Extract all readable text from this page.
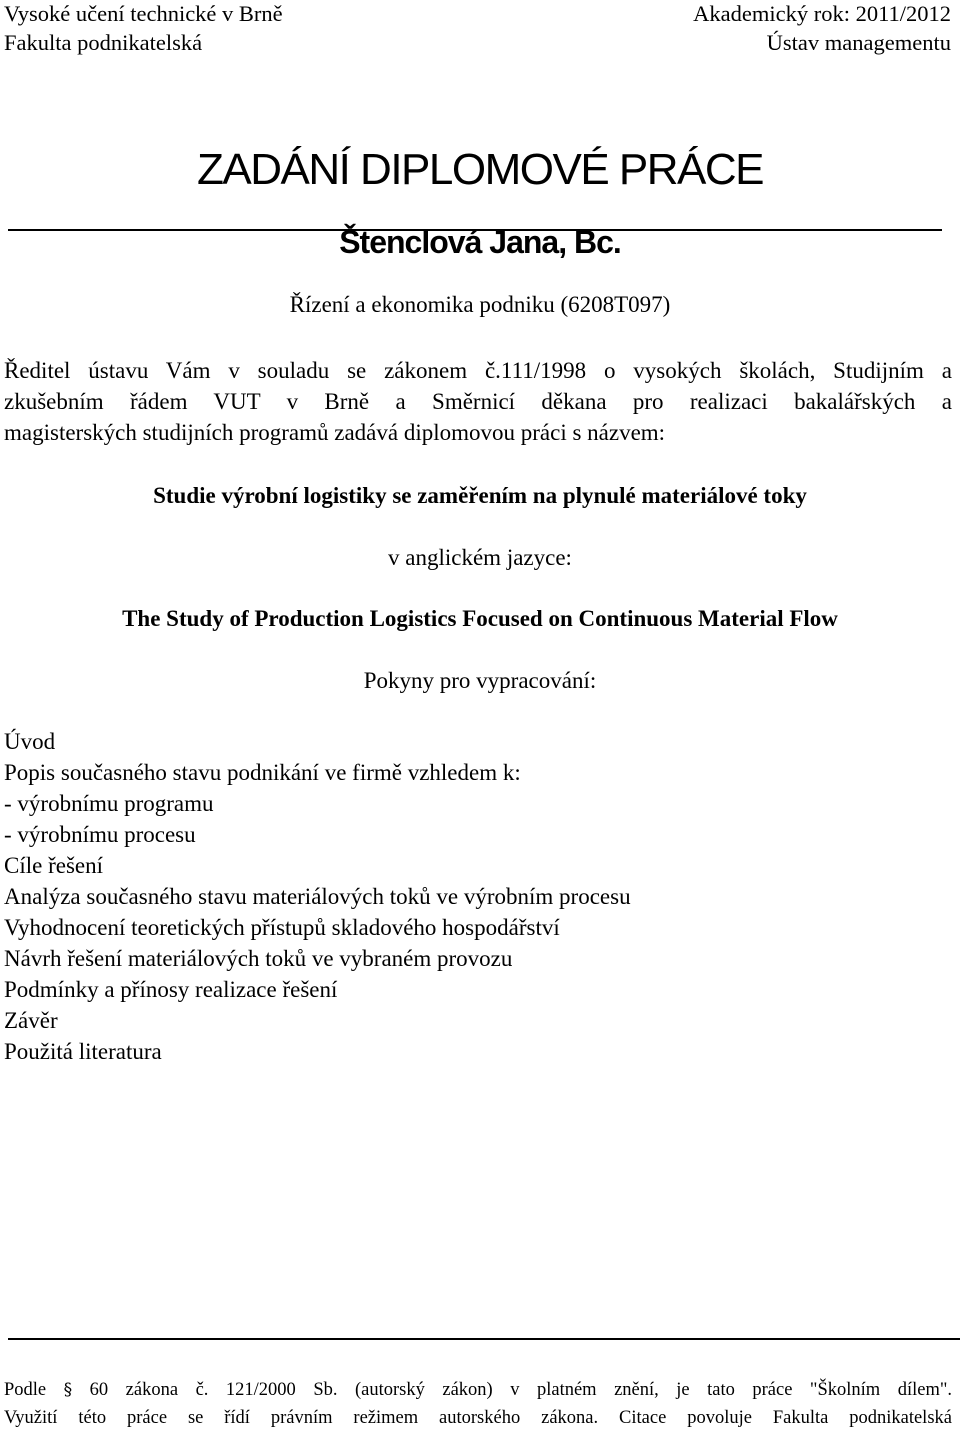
Vysoké učení technické v Brně	Akademický rok: 2011/2012
Fakulta podnikatelská	Ústav managementu
ZADÁNÍ DIPLOMOVÉ PRÁCE
Štenclová Jana, Bc.
Řízení a ekonomika podniku (6208T097)

Ředitel ústavu Vám v souladu se zákonem č.111/1998 o vysokých školách, Studijním a

zkušebním řádem VUT v Brně a Směrnicí děkana pro realizaci bakalářských a

magisterských studijních programů zadává diplomovou práci s názvem:

Studie výrobní logistiky se zaměřením na plynulé materiálové toky
v anglickém jazyce:
The Study of Production Logistics Focused on Continuous Material Flow
Pokyny pro vypracování:
Úvod
Popis současného stavu podnikání ve firmě vzhledem k:
- výrobnímu programu
- výrobnímu procesu
Cíle řešení
Analýza současného stavu materiálových toků ve výrobním procesu
Vyhodnocení teoretických přístupů skladového hospodářství
Návrh řešení materiálových toků ve vybraném provozu
Podmínky a přínosy realizace řešení
Závěr
Použitá literatura
Podle § 60 zákona č. 121/2000 Sb. (autorský zákon) v platném znění, je tato práce "Školním dílem".
Využití této práce se řídí právním režimem autorského zákona. Citace povoluje Fakulta podnikatelská
